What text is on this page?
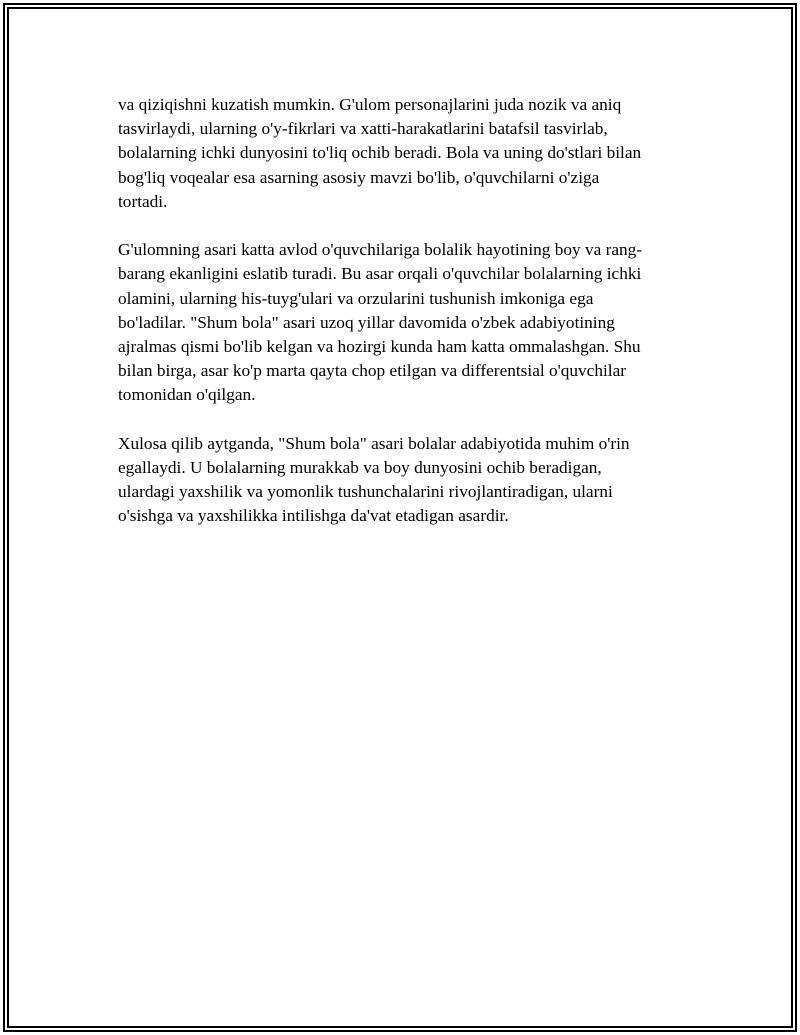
va qiziqishni kuzatish mumkin. G'ulom personajlarini juda nozik va aniq
tasvirlaydi, ularning o'y-fikrlari va xatti-harakatlarini batafsil tasvirlab,
bolalarning ichki dunyosini to'liq ochib beradi. Bola va uning do'stlari bilan
bog'liq voqealar esa asarning asosiy mavzi bo'lib, o'quvchilarni o'ziga
tortadi.

G'ulomning asari katta avlod o'quvchilariga bolalik hayotining boy va rang-
barang ekanligini eslatib turadi. Bu asar orqali o'quvchilar bolalarning ichki
olamini, ularning his-tuyg'ulari va orzularini tushunish imkoniga ega
bo'ladilar. "Shum bola" asari uzoq yillar davomida o'zbek adabiyotining
ajralmas qismi bo'lib kelgan va hozirgi kunda ham katta ommalashgan. Shu
bilan birga, asar ko'p marta qayta chop etilgan va differentsial o'quvchilar
tomonidan o'qilgan.

Xulosa qilib aytganda, "Shum bola" asari bolalar adabiyotida muhim o'rin
egallaydi. U bolalarning murakkab va boy dunyosini ochib beradigan,
ulardagi yaxshilik va yomonlik tushunchalarini rivojlantiradigan, ularni
o'sishga va yaxshilikka intilishga da'vat etadigan asardir.
